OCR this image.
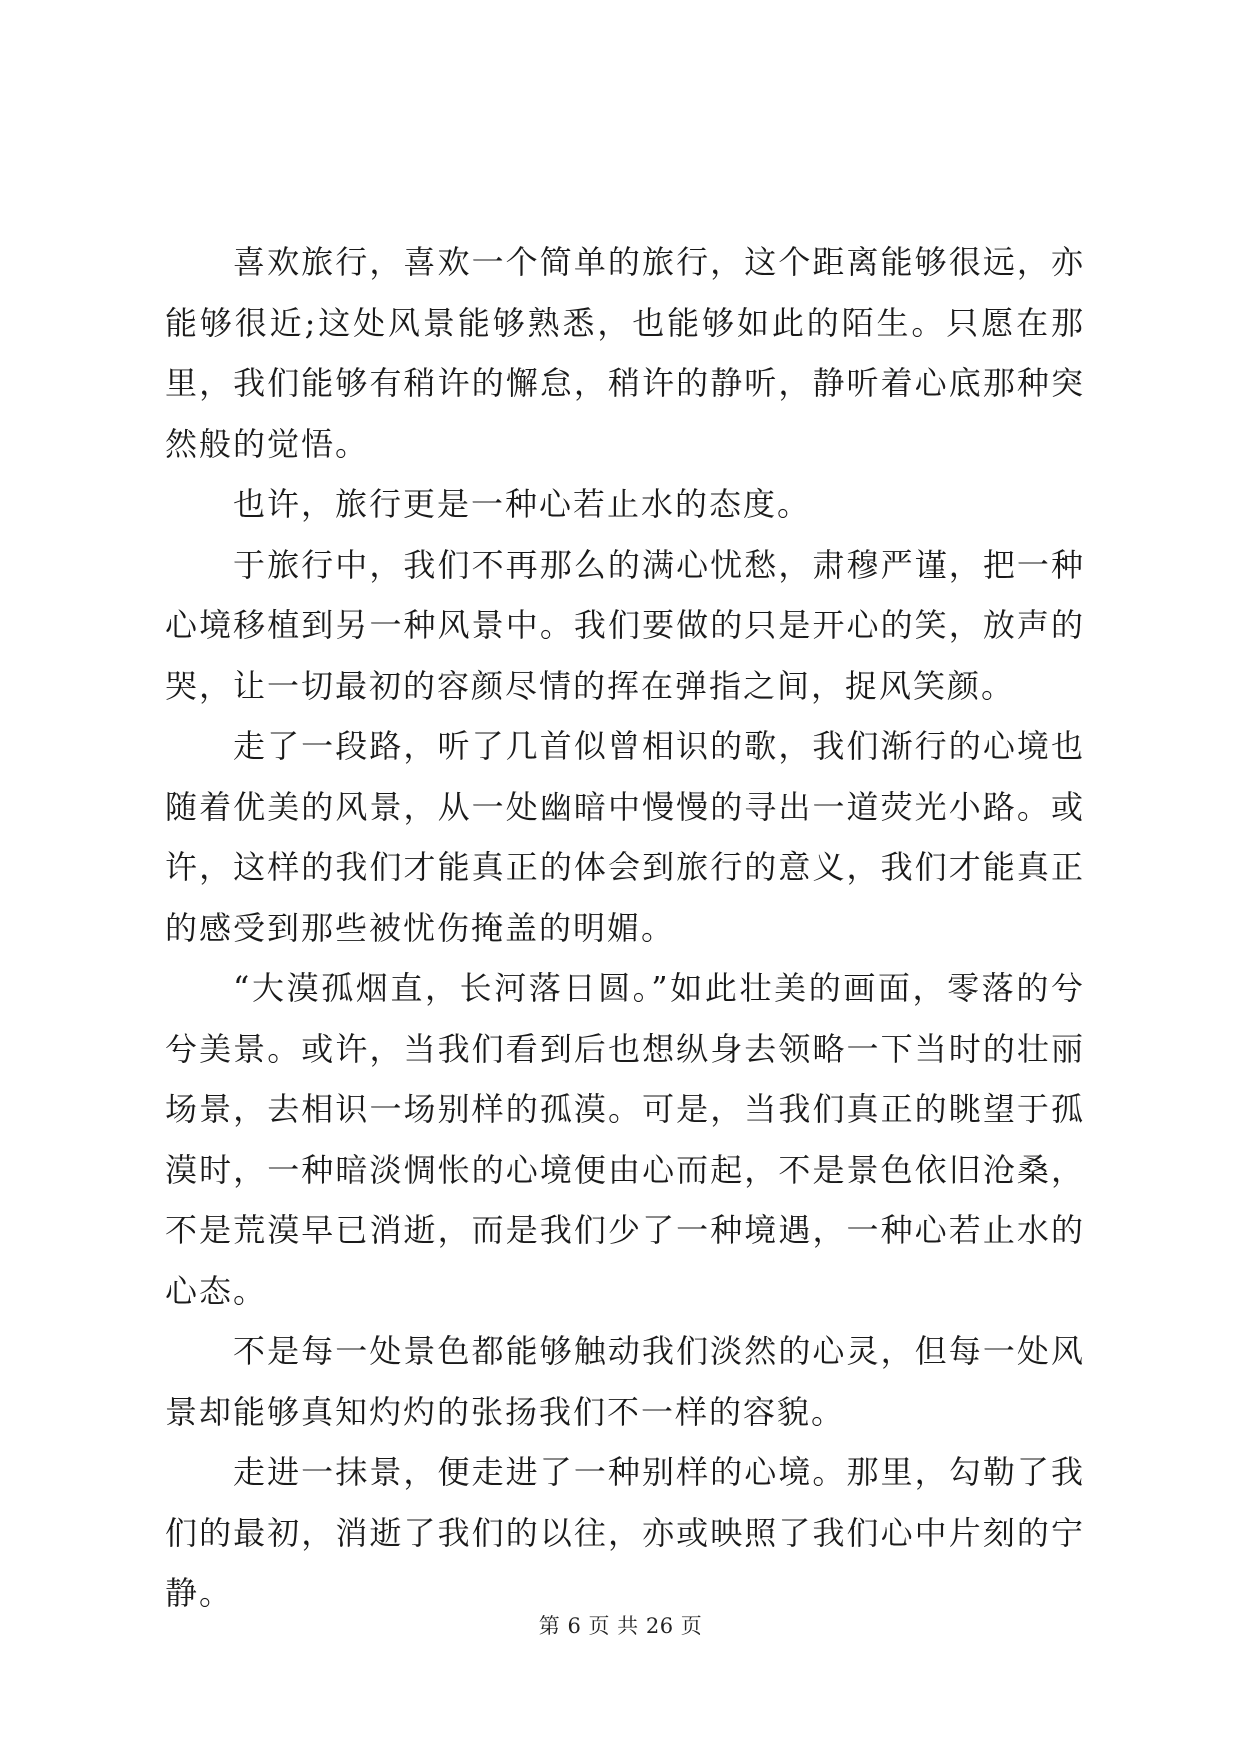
喜欢旅行，喜欢一个简单的旅行，这个距离能够很远，亦能够很近;这处风景能够熟悉，也能够如此的陌生。只愿在那里，我们能够有稍许的懈怠，稍许的静听，静听着心底那种突然般的觉悟。

也许，旅行更是一种心若止水的态度。

于旅行中，我们不再那么的满心忧愁，肃穆严谨，把一种心境移植到另一种风景中。我们要做的只是开心的笑，放声的哭，让一切最初的容颜尽情的挥在弹指之间，捉风笑颜。

走了一段路，听了几首似曾相识的歌，我们渐行的心境也随着优美的风景，从一处幽暗中慢慢的寻出一道荧光小路。或许，这样的我们才能真正的体会到旅行的意义，我们才能真正的感受到那些被忧伤掩盖的明媚。

“大漠孤烟直，长河落日圆。”如此壮美的画面，零落的兮兮美景。或许，当我们看到后也想纵身去领略一下当时的壮丽场景，去相识一场别样的孤漠。可是，当我们真正的眺望于孤漠时，一种暗淡惆怅的心境便由心而起，不是景色依旧沧桑，不是荒漠早已消逝，而是我们少了一种境遇，一种心若止水的心态。

不是每一处景色都能够触动我们淡然的心灵，但每一处风景却能够真知灼灼的张扬我们不一样的容貌。

走进一抹景，便走进了一种别样的心境。那里，勾勒了我们的最初，消逝了我们的以往，亦或映照了我们心中片刻的宁静。

第 6 页 共 26 页
